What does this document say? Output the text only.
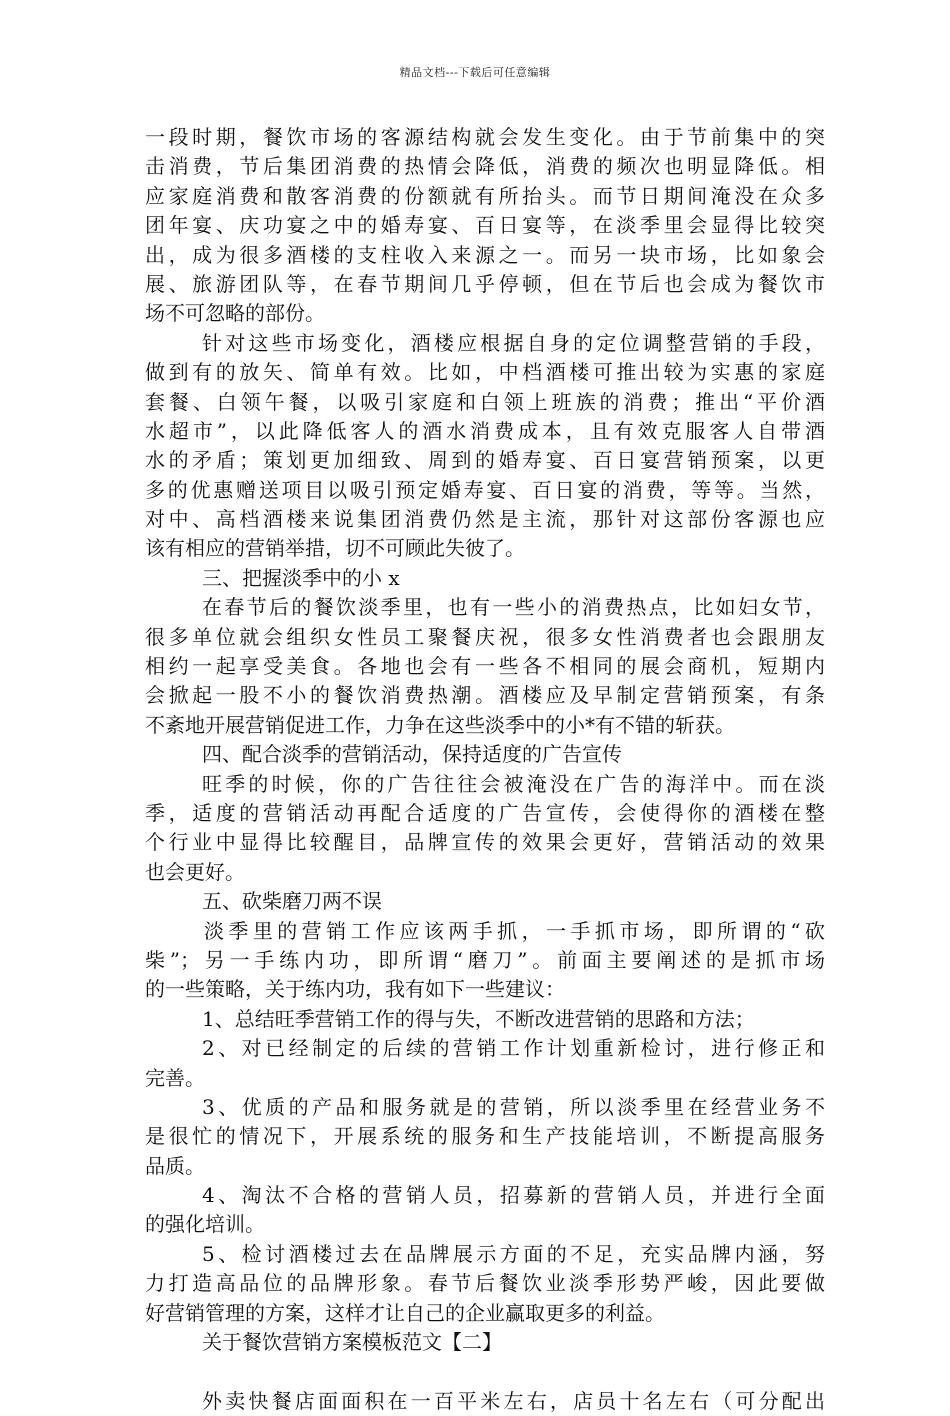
精品文档---下载后可任意编辑
一段时期，餐饮市场的客源结构就会发生变化。由于节前集中的突
击消费，节后集团消费的热情会降低，消费的频次也明显降低。相
应家庭消费和散客消费的份额就有所抬头。而节日期间淹没在众多
团年宴、庆功宴之中的婚寿宴、百日宴等，在淡季里会显得比较突
出，成为很多酒楼的支柱收入来源之一。而另一块市场，比如象会
展、旅游团队等，在春节期间几乎停顿，但在节后也会成为餐饮市
场不可忽略的部份。
针对这些市场变化，酒楼应根据自身的定位调整营销的手段，
做到有的放矢、简单有效。比如，中档酒楼可推出较为实惠的家庭
套餐、白领午餐，以吸引家庭和白领上班族的消费；推出“平价酒
水超市”，以此降低客人的酒水消费成本，且有效克服客人自带酒
水的矛盾；策划更加细致、周到的婚寿宴、百日宴营销预案，以更
多的优惠赠送项目以吸引预定婚寿宴、百日宴的消费，等等。当然，
对中、高档酒楼来说集团消费仍然是主流，那针对这部份客源也应
该有相应的营销举措，切不可顾此失彼了。
三、把握淡季中的小 x
在春节后的餐饮淡季里，也有一些小的消费热点，比如妇女节，
很多单位就会组织女性员工聚餐庆祝，很多女性消费者也会跟朋友
相约一起享受美食。各地也会有一些各不相同的展会商机，短期内
会掀起一股不小的餐饮消费热潮。酒楼应及早制定营销预案，有条
不紊地开展营销促进工作，力争在这些淡季中的小*有不错的斩获。
四、配合淡季的营销活动，保持适度的广告宣传
旺季的时候，你的广告往往会被淹没在广告的海洋中。而在淡
季，适度的营销活动再配合适度的广告宣传，会使得你的酒楼在整
个行业中显得比较醒目，品牌宣传的效果会更好，营销活动的效果
也会更好。
五、砍柴磨刀两不误
淡季里的营销工作应该两手抓，一手抓市场，即所谓的“砍
柴”；另一手练内功，即所谓“磨刀”。前面主要阐述的是抓市场
的一些策略，关于练内功，我有如下一些建议：
1、总结旺季营销工作的得与失，不断改进营销的思路和方法；
2、对已经制定的后续的营销工作计划重新检讨，进行修正和
完善。
3、优质的产品和服务就是的营销，所以淡季里在经营业务不
是很忙的情况下，开展系统的服务和生产技能培训，不断提高服务
品质。
4、淘汰不合格的营销人员，招募新的营销人员，并进行全面
的强化培训。
5、检讨酒楼过去在品牌展示方面的不足，充实品牌内涵，努
力打造高品位的品牌形象。春节后餐饮业淡季形势严峻，因此要做
好营销管理的方案，这样才让自己的企业赢取更多的利益。
关于餐饮营销方案模板范文【二】
外卖快餐店面面积在一百平米左右，店员十名左右（可分配出
